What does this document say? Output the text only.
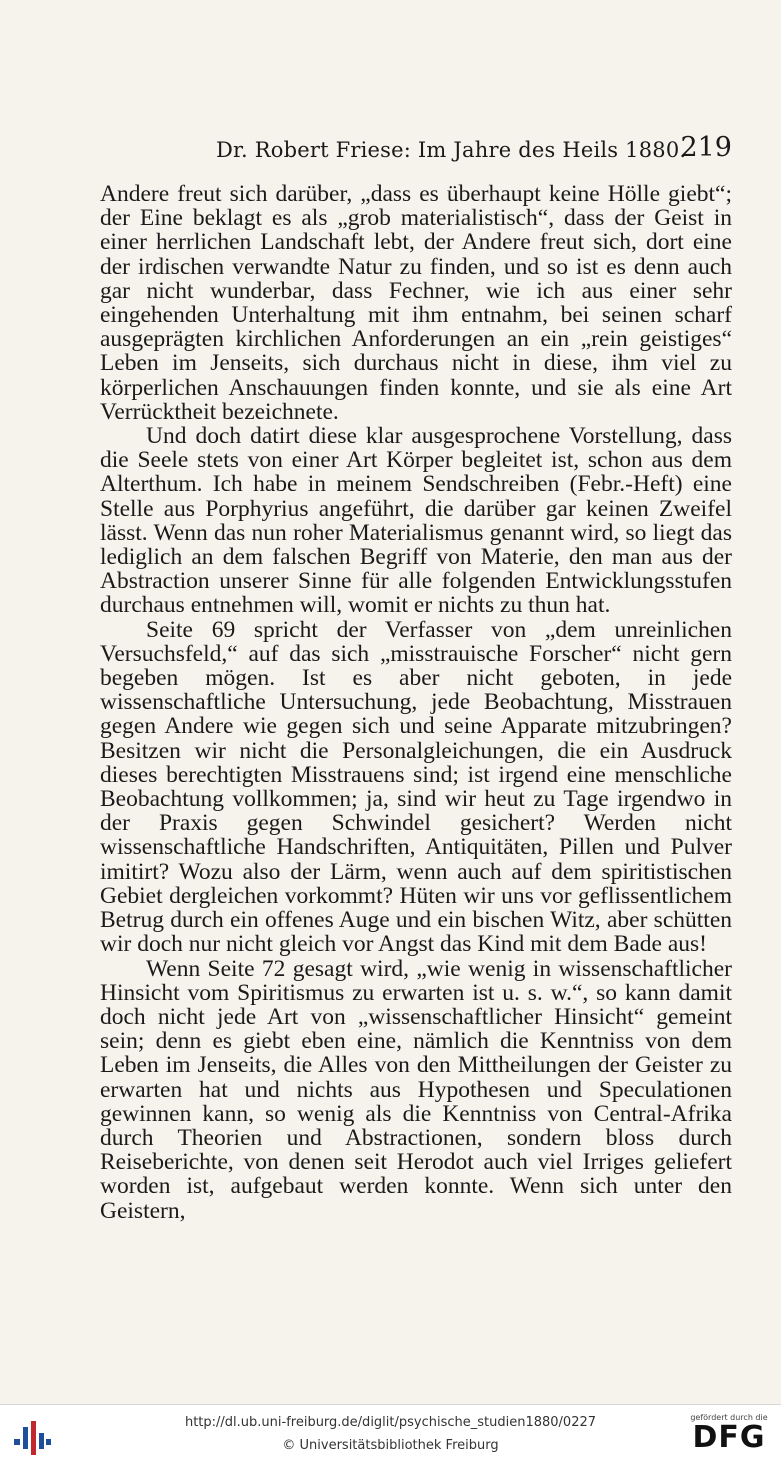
Dr. Robert Friese: Im Jahre des Heils 1880.
219

Andere freut sich darüber, „dass es überhaupt keine Hölle giebt“; der Eine beklagt es als „grob materialistisch“, dass der Geist in einer herrlichen Landschaft lebt, der Andere freut sich, dort eine der irdischen verwandte Natur zu finden, und so ist es denn auch gar nicht wunderbar, dass Fechner, wie ich aus einer sehr eingehenden Unterhaltung mit ihm entnahm, bei seinen scharf ausgeprägten kirchlichen Anforderungen an ein „rein geistiges“ Leben im Jenseits, sich durchaus nicht in diese, ihm viel zu körperlichen Anschauungen finden konnte, und sie als eine Art Verrücktheit bezeichnete.

Und doch datirt diese klar ausgesprochene Vorstellung, dass die Seele stets von einer Art Körper begleitet ist, schon aus dem Alterthum. Ich habe in meinem Sendschreiben (Febr.-Heft) eine Stelle aus Porphyrius angeführt, die darüber gar keinen Zweifel lässt. Wenn das nun roher Materialismus genannt wird, so liegt das lediglich an dem falschen Begriff von Materie, den man aus der Abstraction unserer Sinne für alle folgenden Entwicklungsstufen durchaus entnehmen will, womit er nichts zu thun hat.

Seite 69 spricht der Verfasser von „dem unreinlichen Versuchsfeld,“ auf das sich „misstrauische Forscher“ nicht gern begeben mögen. Ist es aber nicht geboten, in jede wissenschaftliche Untersuchung, jede Beobachtung, Misstrauen gegen Andere wie gegen sich und seine Apparate mitzubringen? Besitzen wir nicht die Personalgleichungen, die ein Ausdruck dieses berechtigten Misstrauens sind; ist irgend eine menschliche Beobachtung vollkommen; ja, sind wir heut zu Tage irgendwo in der Praxis gegen Schwindel gesichert? Werden nicht wissenschaftliche Handschriften, Antiquitäten, Pillen und Pulver imitirt? Wozu also der Lärm, wenn auch auf dem spiritistischen Gebiet dergleichen vorkommt? Hüten wir uns vor geflissentlichem Betrug durch ein offenes Auge und ein bischen Witz, aber schütten wir doch nur nicht gleich vor Angst das Kind mit dem Bade aus!

Wenn Seite 72 gesagt wird, „wie wenig in wissenschaftlicher Hinsicht vom Spiritismus zu erwarten ist u. s. w.“, so kann damit doch nicht jede Art von „wissenschaftlicher Hinsicht“ gemeint sein; denn es giebt eben eine, nämlich die Kenntniss von dem Leben im Jenseits, die Alles von den Mittheilungen der Geister zu erwarten hat und nichts aus Hypothesen und Speculationen gewinnen kann, so wenig als die Kenntniss von Central-Afrika durch Theorien und Abstractionen, sondern bloss durch Reiseberichte, von denen seit Herodot auch viel Irriges geliefert worden ist, aufgebaut werden konnte. Wenn sich unter den Geistern,

http://dl.ub.uni-freiburg.de/diglit/psychische_studien1880/0227
© Universitätsbibliothek Freiburg
gefördert durch die
DFG
